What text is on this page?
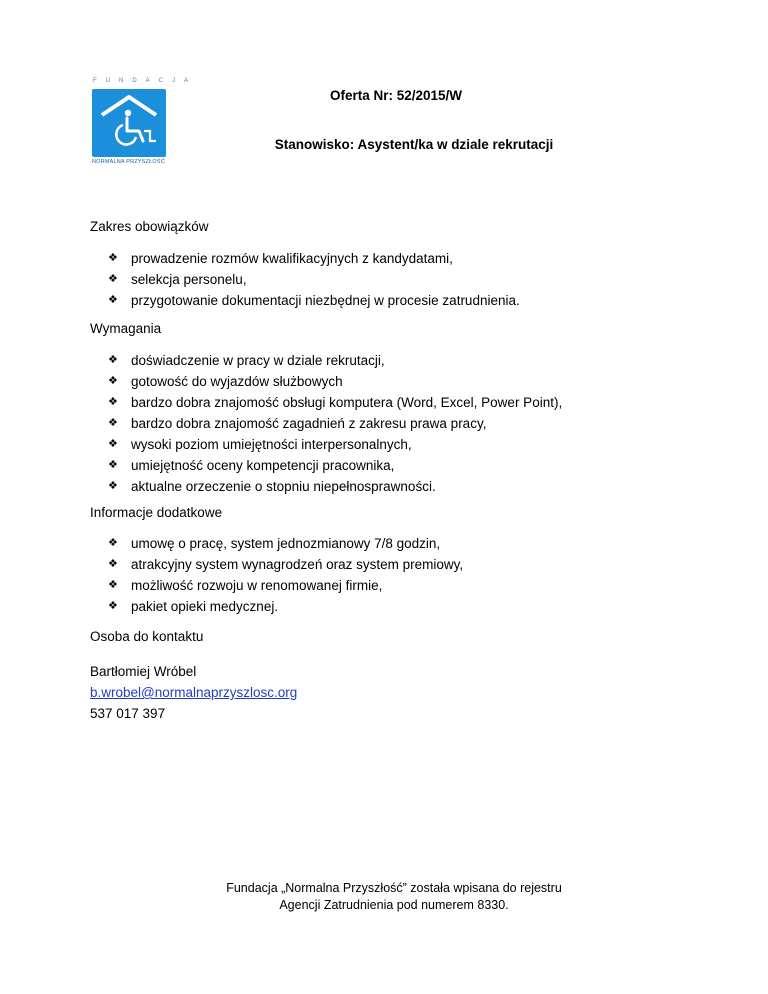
FUNDACJA
NORMALNA PRZYSZŁOŚĆ
Oferta Nr: 52/2015/W
Stanowisko: Asystent/ka w dziale rekrutacji
Zakres obowiązków
❖ prowadzenie rozmów kwalifikacyjnych z kandydatami,
❖ selekcja personelu,
❖ przygotowanie dokumentacji niezbędnej w procesie zatrudnienia.
Wymagania
❖ doświadczenie w pracy w dziale rekrutacji,
❖ gotowość do wyjazdów służbowych
❖ bardzo dobra znajomość obsługi komputera (Word, Excel, Power Point),
❖ bardzo dobra znajomość zagadnień z zakresu prawa pracy,
❖ wysoki poziom umiejętności interpersonalnych,
❖ umiejętność oceny kompetencji pracownika,
❖ aktualne orzeczenie o stopniu niepełnosprawności.
Informacje dodatkowe
❖ umowę o pracę, system jednozmianowy 7/8 godzin,
❖ atrakcyjny system wynagrodzeń oraz system premiowy,
❖ możliwość rozwoju w renomowanej firmie,
❖ pakiet opieki medycznej.
Osoba do kontaktu
Bartłomiej Wróbel
b.wrobel@normalnaprzyszlosc.org
537 017 397
Fundacja „Normalna Przyszłość” została wpisana do rejestru
Agencji Zatrudnienia pod numerem 8330.
